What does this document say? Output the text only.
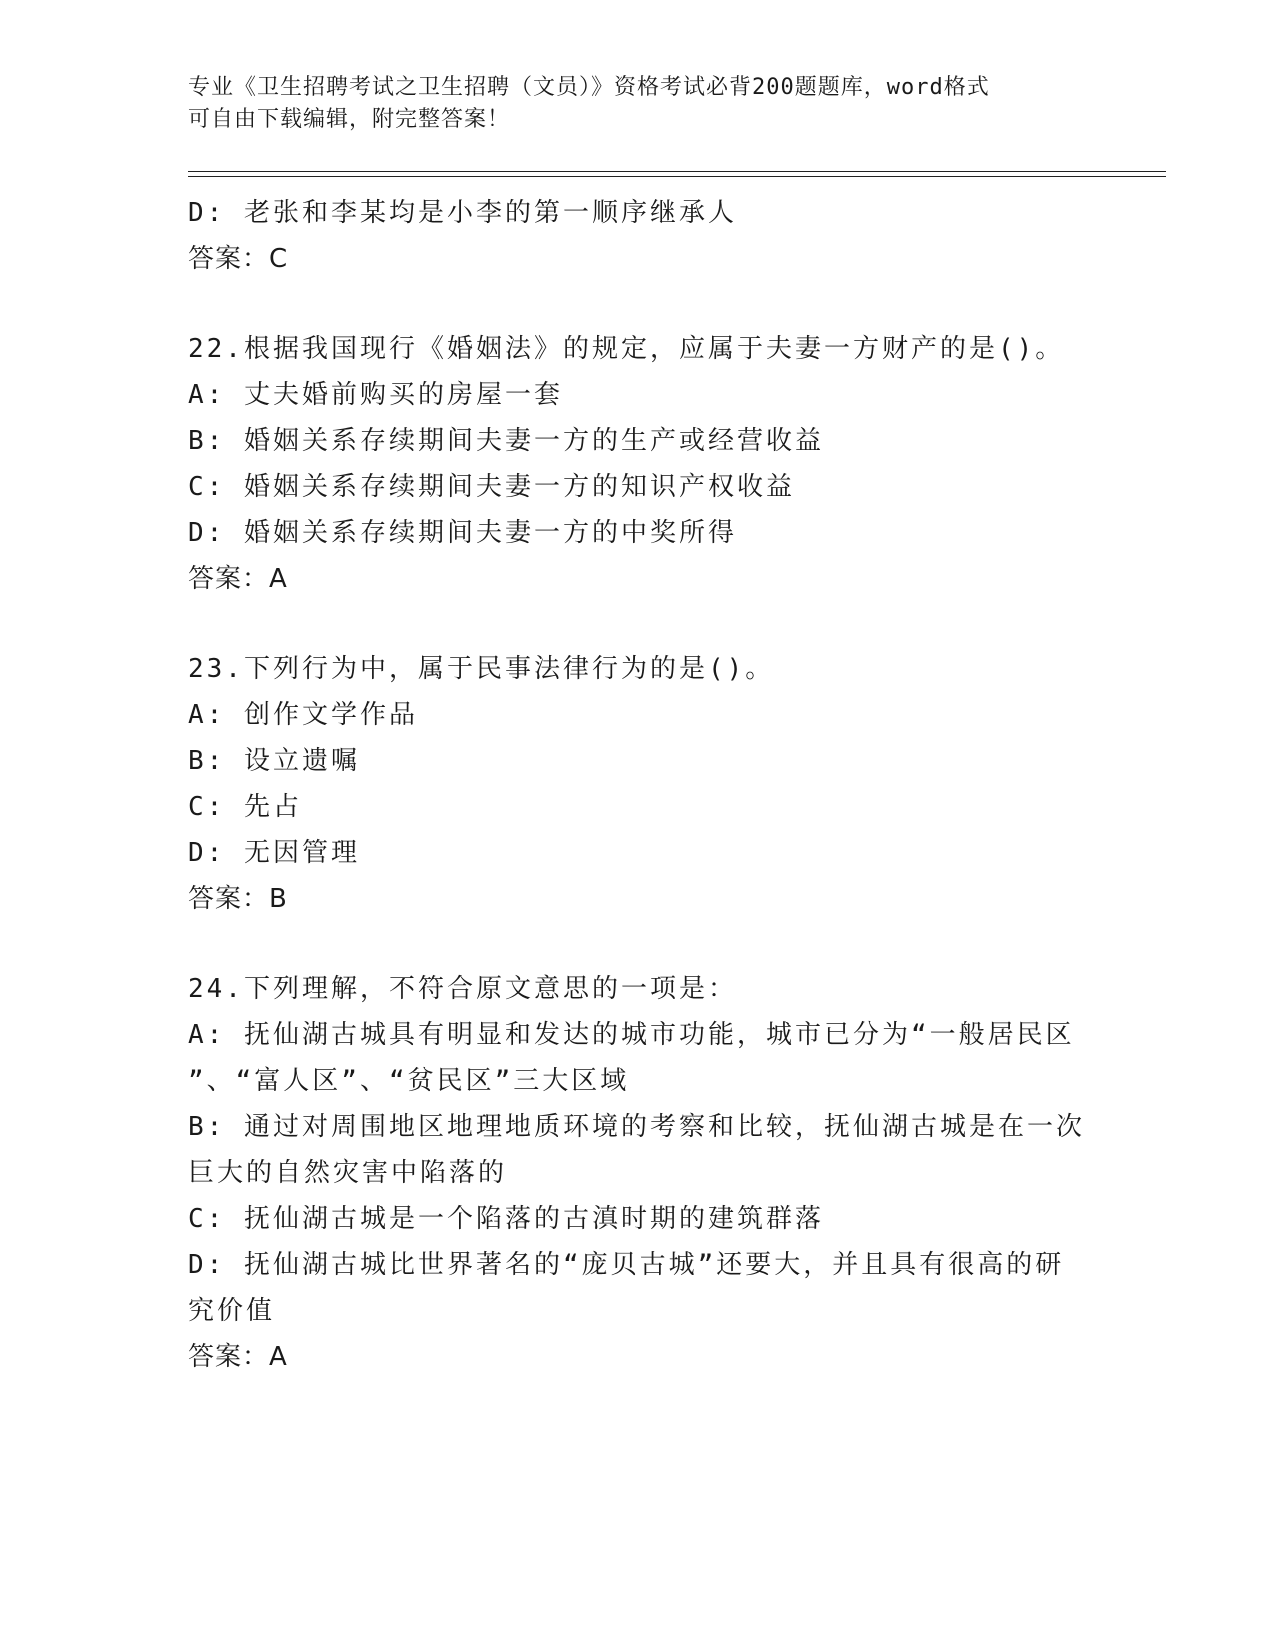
专业《卫生招聘考试之卫生招聘（文员）》资格考试必背200题题库，word格式
可自由下载编辑，附完整答案！
D: 老张和李某均是小李的第一顺序继承人
答案：C
22.根据我国现行《婚姻法》的规定，应属于夫妻一方财产的是()。
A: 丈夫婚前购买的房屋一套
B: 婚姻关系存续期间夫妻一方的生产或经营收益
C: 婚姻关系存续期间夫妻一方的知识产权收益
D: 婚姻关系存续期间夫妻一方的中奖所得
答案：A
23.下列行为中，属于民事法律行为的是()。
A: 创作文学作品
B: 设立遗嘱
C: 先占
D: 无因管理
答案：B
24.下列理解，不符合原文意思的一项是：
A: 抚仙湖古城具有明显和发达的城市功能，城市已分为“一般居民区
”、“富人区”、“贫民区”三大区域
B: 通过对周围地区地理地质环境的考察和比较，抚仙湖古城是在一次
巨大的自然灾害中陷落的
C: 抚仙湖古城是一个陷落的古滇时期的建筑群落
D: 抚仙湖古城比世界著名的“庞贝古城”还要大，并且具有很高的研
究价值
答案：A
